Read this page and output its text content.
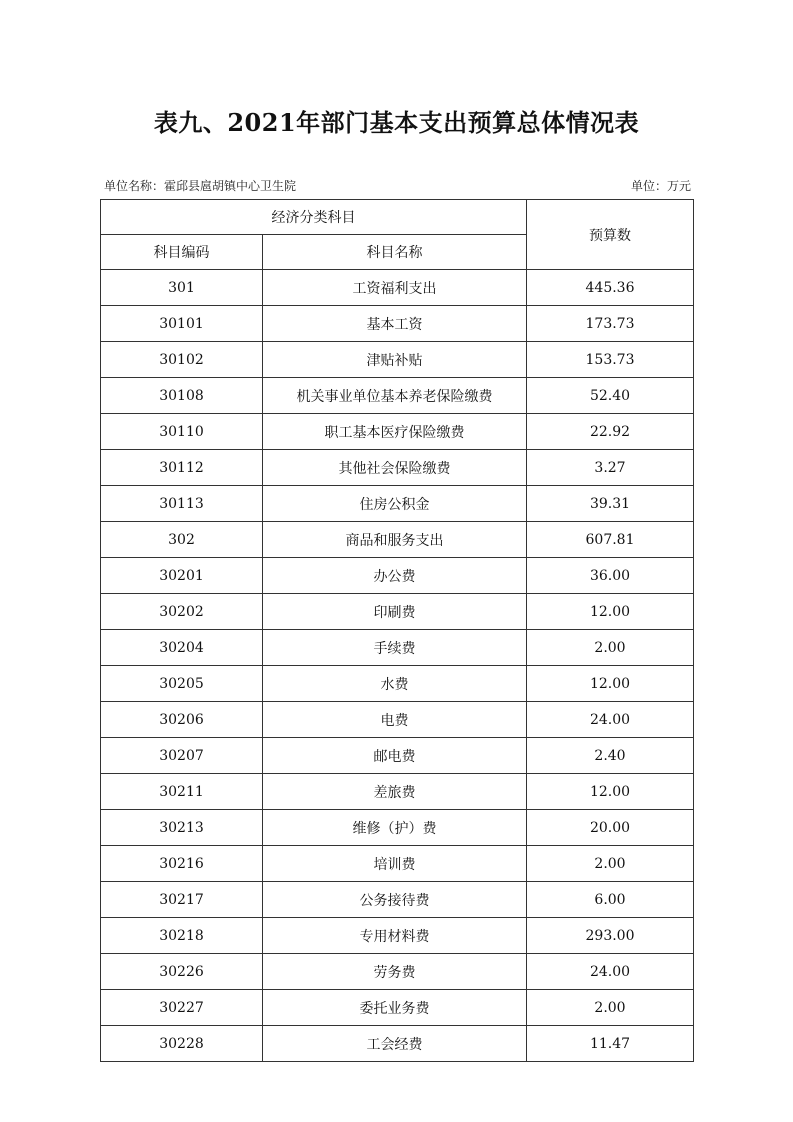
表九、2021年部门基本支出预算总体情况表
单位名称：霍邱县扈胡镇中心卫生院	单位：万元
经济分类科目		预算数
科目编码	科目名称	
301	工资福利支出	445.36
30101	基本工资	173.73
30102	津贴补贴	153.73
30108	机关事业单位基本养老保险缴费	52.40
30110	职工基本医疗保险缴费	22.92
30112	其他社会保险缴费	3.27
30113	住房公积金	39.31
302	商品和服务支出	607.81
30201	办公费	36.00
30202	印刷费	12.00
30204	手续费	2.00
30205	水费	12.00
30206	电费	24.00
30207	邮电费	2.40
30211	差旅费	12.00
30213	维修（护）费	20.00
30216	培训费	2.00
30217	公务接待费	6.00
30218	专用材料费	293.00
30226	劳务费	24.00
30227	委托业务费	2.00
30228	工会经费	11.47
